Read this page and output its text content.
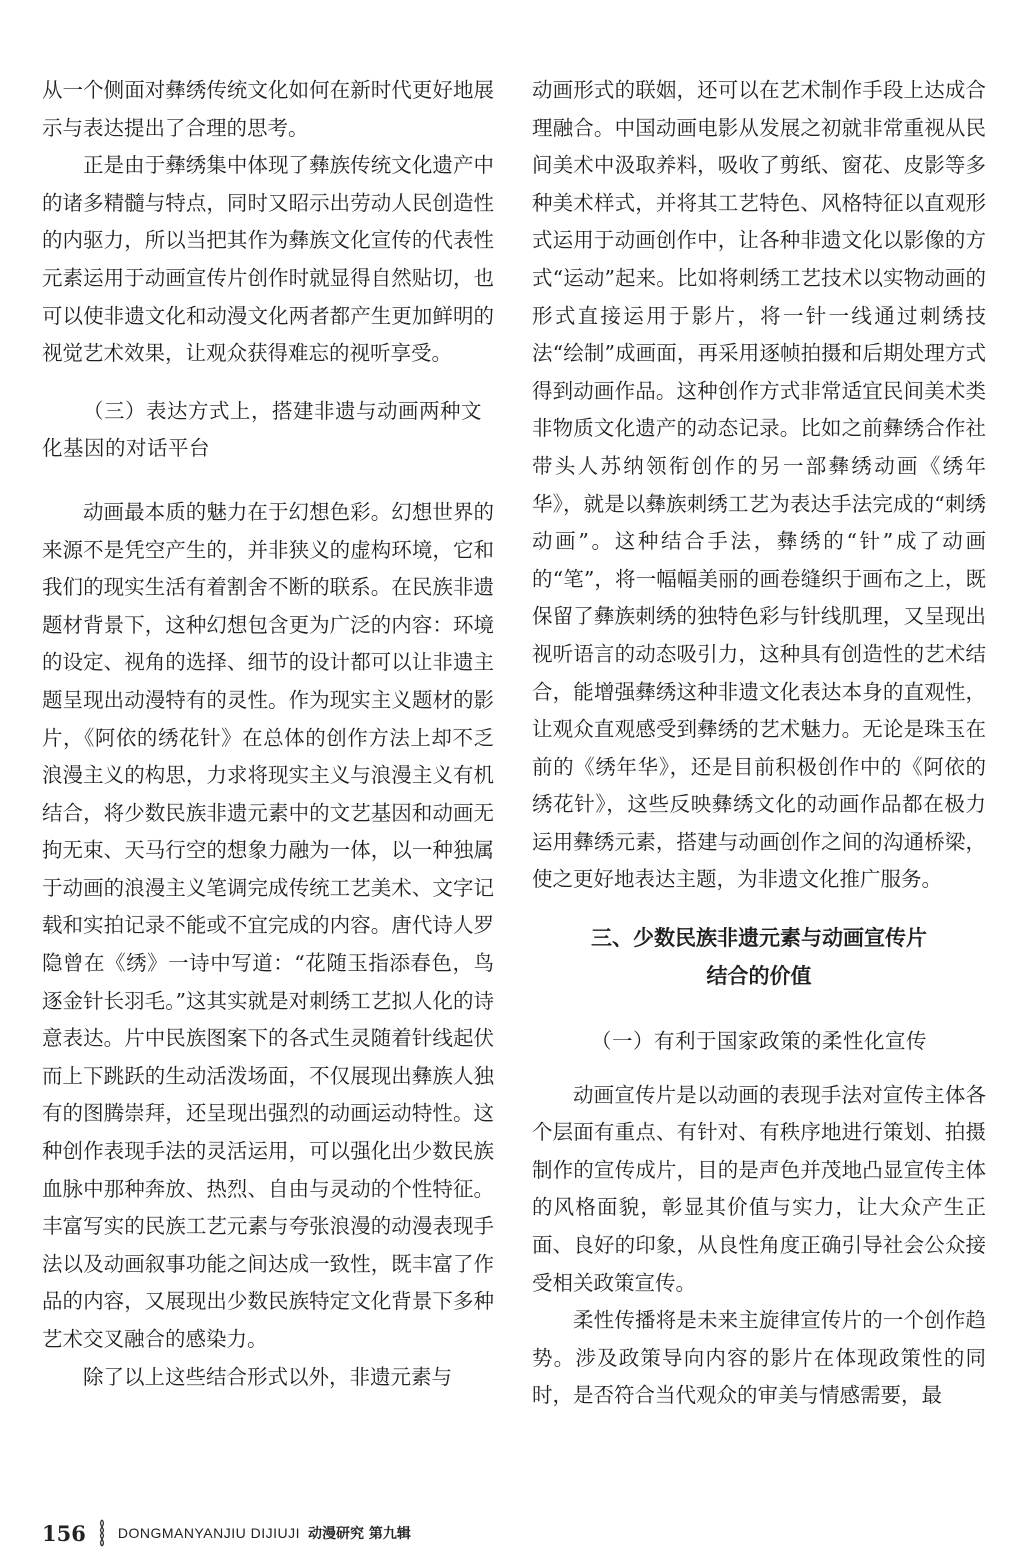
从一个侧面对彝绣传统文化如何在新时代更好地展示与表达提出了合理的思考。

正是由于彝绣集中体现了彝族传统文化遗产中的诸多精髓与特点，同时又昭示出劳动人民创造性的内驱力，所以当把其作为彝族文化宣传的代表性元素运用于动画宣传片创作时就显得自然贴切，也可以使非遗文化和动漫文化两者都产生更加鲜明的视觉艺术效果，让观众获得难忘的视听享受。

（三）表达方式上，搭建非遗与动画两种文化基因的对话平台

动画最本质的魅力在于幻想色彩。幻想世界的来源不是凭空产生的，并非狭义的虚构环境，它和我们的现实生活有着割舍不断的联系。在民族非遗题材背景下，这种幻想包含更为广泛的内容：环境的设定、视角的选择、细节的设计都可以让非遗主题呈现出动漫特有的灵性。作为现实主义题材的影片，《阿依的绣花针》在总体的创作方法上却不乏浪漫主义的构思，力求将现实主义与浪漫主义有机结合，将少数民族非遗元素中的文艺基因和动画无拘无束、天马行空的想象力融为一体，以一种独属于动画的浪漫主义笔调完成传统工艺美术、文字记载和实拍记录不能或不宜完成的内容。唐代诗人罗隐曾在《绣》一诗中写道：“花随玉指添春色，鸟逐金针长羽毛。”这其实就是对刺绣工艺拟人化的诗意表达。片中民族图案下的各式生灵随着针线起伏而上下跳跃的生动活泼场面，不仅展现出彝族人独有的图腾崇拜，还呈现出强烈的动画运动特性。这种创作表现手法的灵活运用，可以强化出少数民族血脉中那种奔放、热烈、自由与灵动的个性特征。丰富写实的民族工艺元素与夸张浪漫的动漫表现手法以及动画叙事功能之间达成一致性，既丰富了作品的内容，又展现出少数民族特定文化背景下多种艺术交叉融合的感染力。

除了以上这些结合形式以外，非遗元素与

动画形式的联姻，还可以在艺术制作手段上达成合理融合。中国动画电影从发展之初就非常重视从民间美术中汲取养料，吸收了剪纸、窗花、皮影等多种美术样式，并将其工艺特色、风格特征以直观形式运用于动画创作中，让各种非遗文化以影像的方式“运动”起来。比如将刺绣工艺技术以实物动画的形式直接运用于影片，将一针一线通过刺绣技法“绘制”成画面，再采用逐帧拍摄和后期处理方式得到动画作品。这种创作方式非常适宜民间美术类非物质文化遗产的动态记录。比如之前彝绣合作社带头人苏纳领衔创作的另一部彝绣动画《绣年华》，就是以彝族刺绣工艺为表达手法完成的“刺绣动画”。这种结合手法，彝绣的“针”成了动画的“笔”，将一幅幅美丽的画卷缝织于画布之上，既保留了彝族刺绣的独特色彩与针线肌理，又呈现出视听语言的动态吸引力，这种具有创造性的艺术结合，能增强彝绣这种非遗文化表达本身的直观性，让观众直观感受到彝绣的艺术魅力。无论是珠玉在前的《绣年华》，还是目前积极创作中的《阿依的绣花针》，这些反映彝绣文化的动画作品都在极力运用彝绣元素，搭建与动画创作之间的沟通桥梁，使之更好地表达主题，为非遗文化推广服务。

三、少数民族非遗元素与动画宣传片
结合的价值
（一）有利于国家政策的柔性化宣传

动画宣传片是以动画的表现手法对宣传主体各个层面有重点、有针对、有秩序地进行策划、拍摄制作的宣传成片，目的是声色并茂地凸显宣传主体的风格面貌，彰显其价值与实力，让大众产生正面、良好的印象，从良性角度正确引导社会公众接受相关政策宣传。

柔性传播将是未来主旋律宣传片的一个创作趋势。涉及政策导向内容的影片在体现政策性的同时，是否符合当代观众的审美与情感需要，最

156 DONGMANYANJIU DIJIUJI 动漫研究 第九辑
